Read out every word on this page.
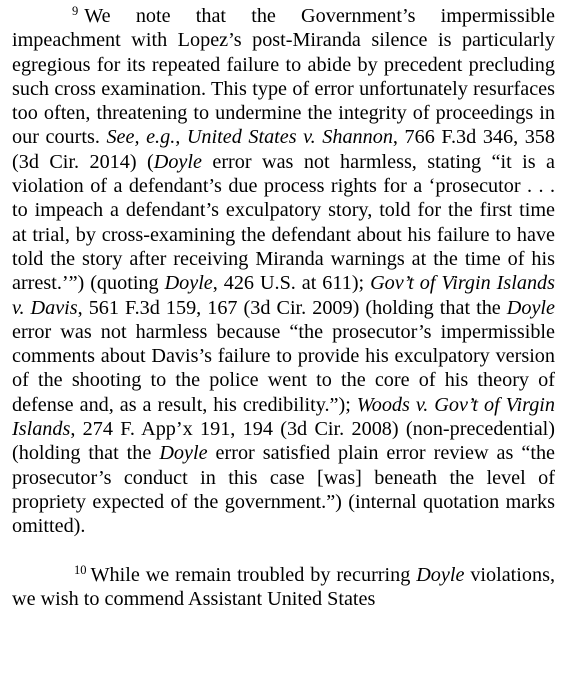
$^9$ We note that the Government’s impermissible impeachment with Lopez’s post-Miranda silence is particularly egregious for its repeated failure to abide by precedent precluding such cross examination. This type of error unfortunately resurfaces too often, threatening to undermine the integrity of proceedings in our courts. See, e.g., United States v. Shannon, 766 F.3d 346, 358 (3d Cir. 2014) (Doyle error was not harmless, stating “it is a violation of a defendant’s due process rights for a ‘prosecutor . . . to impeach a defendant’s exculpatory story, told for the first time at trial, by cross-examining the defendant about his failure to have told the story after receiving Miranda warnings at the time of his arrest.’”) (quoting Doyle, 426 U.S. at 611); Gov’t of Virgin Islands v. Davis, 561 F.3d 159, 167 (3d Cir. 2009) (holding that the Doyle error was not harmless because “the prosecutor’s impermissible comments about Davis’s failure to provide his exculpatory version of the shooting to the police went to the core of his theory of defense and, as a result, his credibility.”); Woods v. Gov’t of Virgin Islands, 274 F. App’x 191, 194 (3d Cir. 2008) (non-precedential) (holding that the Doyle error satisfied plain error review as “the prosecutor’s conduct in this case [was] beneath the level of propriety expected of the government.”) (internal quotation marks omitted).

$^{10}$ While we remain troubled by recurring Doyle violations, we wish to commend Assistant United States
